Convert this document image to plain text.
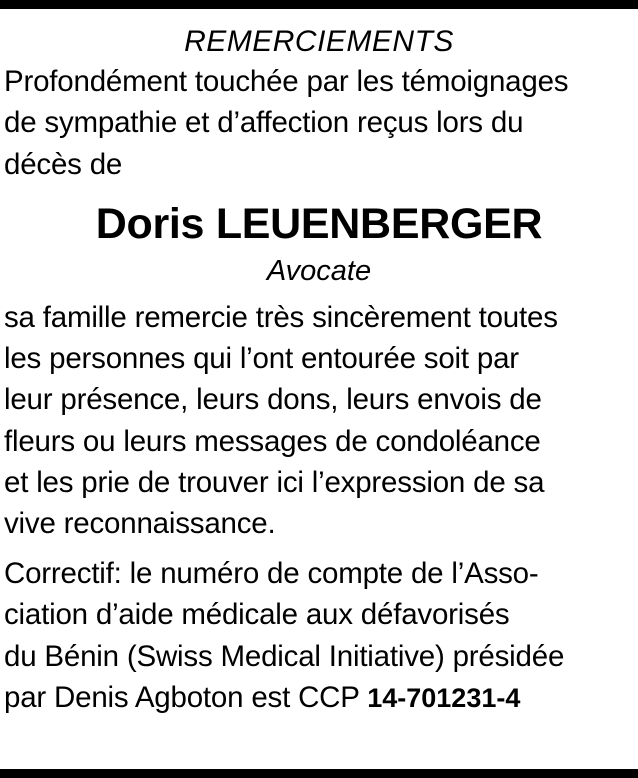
REMERCIEMENTS

Profondément touchée par les témoignages

de sympathie et d’affection reçus lors du

décès de

Doris LEUENBERGER
Avocate

sa famille remercie très sincèrement toutes

les personnes qui l’ont entourée soit par

leur présence, leurs dons, leurs envois de

fleurs ou leurs messages de condoléance

et les prie de trouver ici l’expression de sa

vive reconnaissance.

Correctif: le numéro de compte de l’Asso-

ciation d’aide médicale aux défavorisés

du Bénin (Swiss Medical Initiative) présidée

par Denis Agboton est CCP 14-701231-4
